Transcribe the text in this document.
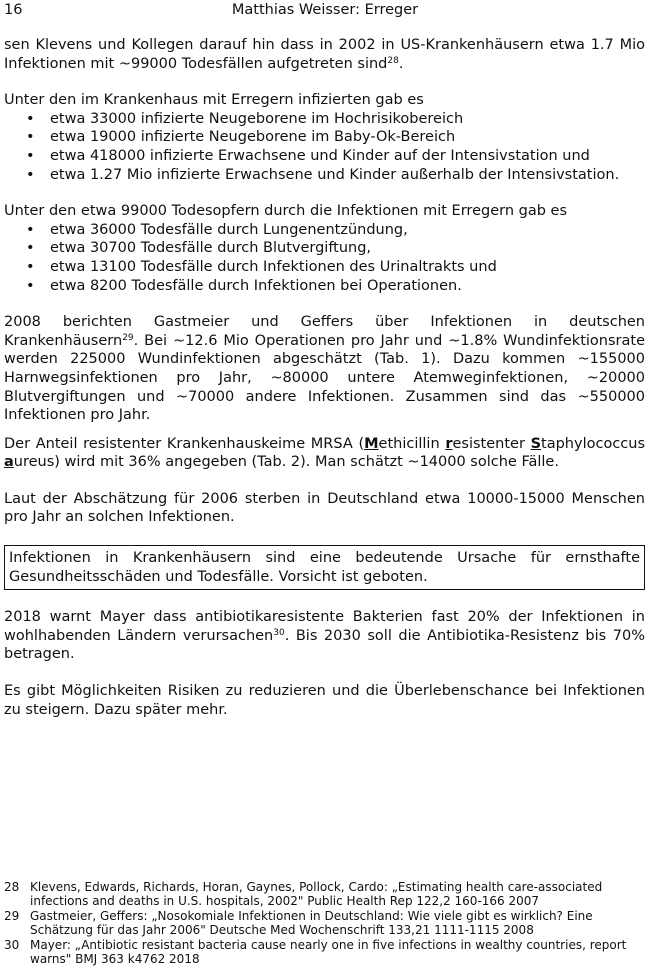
16	Matthias Weisser: Erreger

sen Klevens und Kollegen darauf hin dass in 2002 in US-Krankenhäusern etwa 1.7 Mio Infektionen mit ~99000 Todesfällen aufgetreten sind$^{28}$.

Unter den im Krankenhaus mit Erregern infizierten gab es

• etwa 33000 infizierte Neugeborene im Hochrisikobereich
• etwa 19000 infizierte Neugeborene im Baby-Ok-Bereich
• etwa 418000 infizierte Erwachsene und Kinder auf der Intensivstation und
• etwa 1.27 Mio infizierte Erwachsene und Kinder außerhalb der Intensivstation.

Unter den etwa 99000 Todesopfern durch die Infektionen mit Erregern gab es

• etwa 36000 Todesfälle durch Lungenentzündung,
• etwa 30700 Todesfälle durch Blutvergiftung,
• etwa 13100 Todesfälle durch Infektionen des Urinaltrakts und
• etwa 8200 Todesfälle durch Infektionen bei Operationen.

2008 berichten Gastmeier und Geffers über Infektionen in deutschen Krankenhäusern$^{29}$. Bei ~12.6 Mio Operationen pro Jahr und ~1.8% Wundinfektionsrate werden 225000 Wundinfektionen abgeschätzt (Tab. 1). Dazu kommen ~155000 Harnwegsinfektionen pro Jahr, ~80000 untere Atemweginfektionen, ~20000 Blutvergiftungen und ~70000 andere Infektionen. Zusammen sind das ~550000 Infektionen pro Jahr.

Der Anteil resistenter Krankenhauskeime MRSA (Methicillin resistenter Staphylococcus aureus) wird mit 36% angegeben (Tab. 2). Man schätzt ~14000 solche Fälle.

Laut der Abschätzung für 2006 sterben in Deutschland etwa 10000-15000 Menschen pro Jahr an solchen Infektionen.

Infektionen in Krankenhäusern sind eine bedeutende Ursache für ernsthafte Gesundheitsschäden und Todesfälle. Vorsicht ist geboten.

2018 warnt Mayer dass antibiotikaresistente Bakterien fast 20% der Infektionen in wohlhabenden Ländern verursachen$^{30}$. Bis 2030 soll die Antibiotika-Resistenz bis 70% betragen.

Es gibt Möglichkeiten Risiken zu reduzieren und die Überlebenschance bei Infektionen zu steigern. Dazu später mehr.

28 Klevens, Edwards, Richards, Horan, Gaynes, Pollock, Cardo: „Estimating health care-associated infections and deaths in U.S. hospitals, 2002" Public Health Rep 122,2 160-166 2007
29 Gastmeier, Geffers: „Nosokomiale Infektionen in Deutschland: Wie viele gibt es wirklich? Eine Schätzung für das Jahr 2006" Deutsche Med Wochenschrift 133,21 1111-1115 2008
30 Mayer: „Antibiotic resistant bacteria cause nearly one in five infections in wealthy countries, report warns" BMJ 363 k4762 2018
